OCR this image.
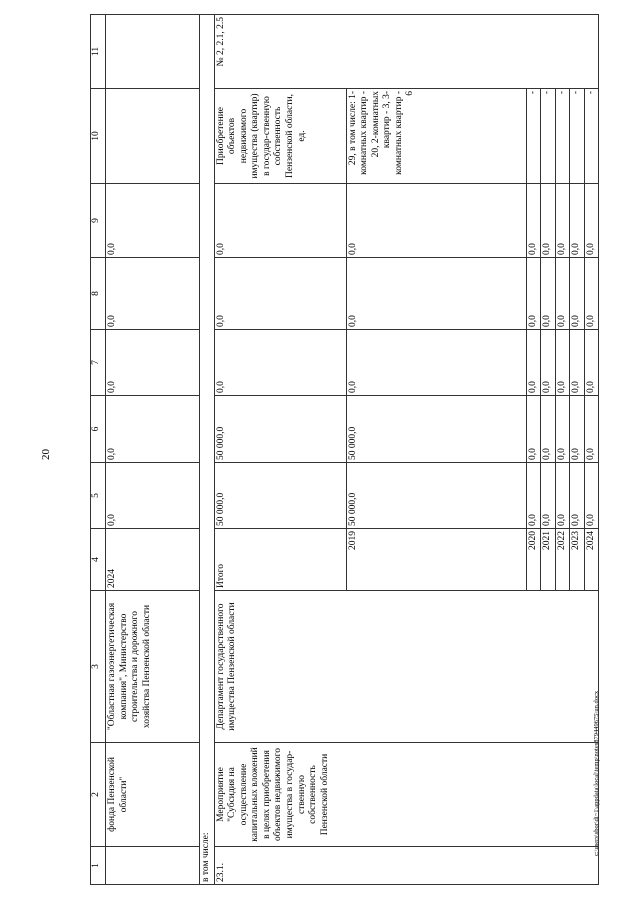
20
c:\users\sbor\di~1\appdata\local\temp\notes879449675\un.docx
1	2	3	4	5	6	7	8	9	10	11
	фонда Пензенской области"	"Областная газоэнергетическая компания", Министерство строительства и дорожного хозяйства Пензенской области	2024	0,0	0,0	0,0	0,0	0,0		
в том числе:										
23.1.	Мероприятие "Субсидия на осуществление капитальных вложений в целях приобретения объектов недвижимого имущества в государ-ственную собственность Пензенской области	Департамент государственного имущества Пензенской области	Итого	50 000,0	50 000,0	0,0	0,0	0,0	Приобретение объектов недвижимого имущества (квартир) в государ-ственную собственность Пензенской области, ед.	№ 2, 2.1, 2.5
			2019	50 000,0	50 000,0	0,0	0,0	0,0	29, в том числе: 1-комнатных квартир - 20, 2-комнатных квартир - 3, 3-комнатных квартир - 6	
			2020	0,0	0,0	0,0	0,0	0,0	-	
			2021	0,0	0,0	0,0	0,0	0,0	-	
			2022	0,0	0,0	0,0	0,0	0,0	-	
			2023	0,0	0,0	0,0	0,0	0,0	-	
			2024	0,0	0,0	0,0	0,0	0,0	-	
